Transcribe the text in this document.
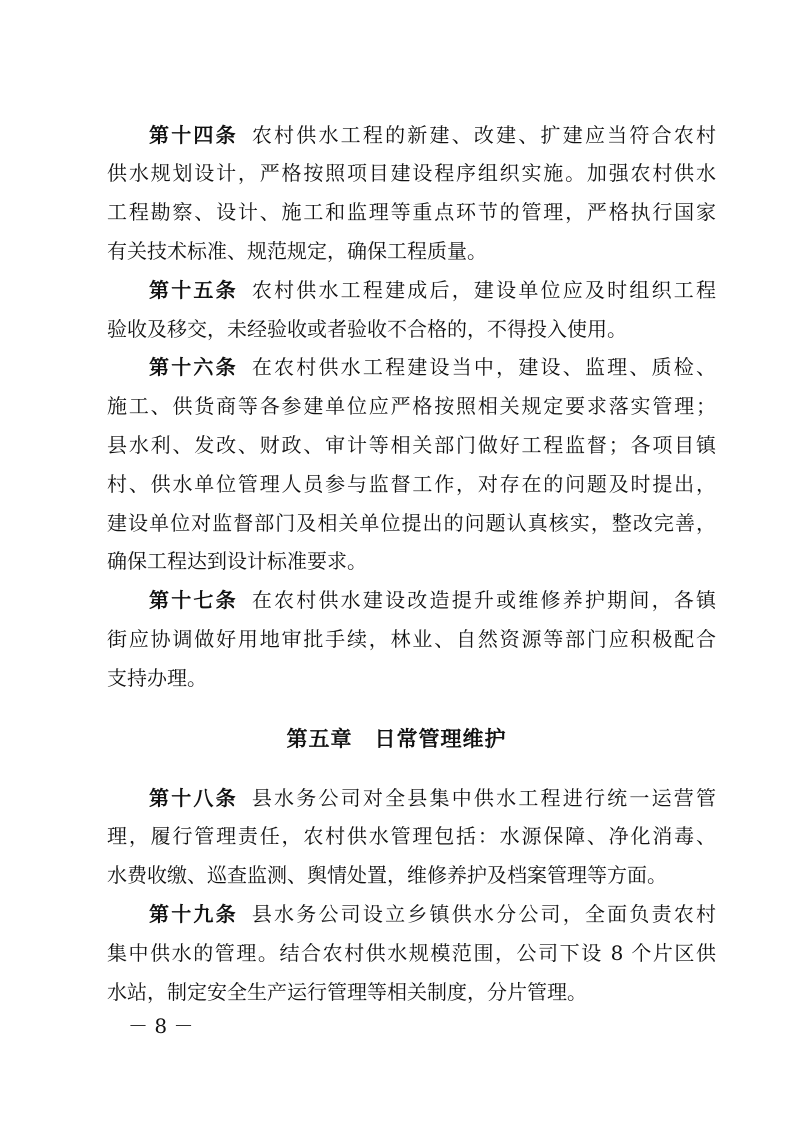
第十四条 农村供水工程的新建、改建、扩建应当符合农村
供水规划设计，严格按照项目建设程序组织实施。加强农村供水
工程勘察、设计、施工和监理等重点环节的管理，严格执行国家
有关技术标准、规范规定，确保工程质量。
第十五条 农村供水工程建成后，建设单位应及时组织工程
验收及移交，未经验收或者验收不合格的，不得投入使用。
第十六条 在农村供水工程建设当中，建设、监理、质检、
施工、供货商等各参建单位应严格按照相关规定要求落实管理；
县水利、发改、财政、审计等相关部门做好工程监督；各项目镇
村、供水单位管理人员参与监督工作，对存在的问题及时提出，
建设单位对监督部门及相关单位提出的问题认真核实，整改完善，
确保工程达到设计标准要求。
第十七条 在农村供水建设改造提升或维修养护期间，各镇
街应协调做好用地审批手续，林业、自然资源等部门应积极配合
支持办理。
第五章　日常管理维护
第十八条 县水务公司对全县集中供水工程进行统一运营管
理，履行管理责任，农村供水管理包括：水源保障、净化消毒、
水费收缴、巡查监测、舆情处置，维修养护及档案管理等方面。
第十九条 县水务公司设立乡镇供水分公司，全面负责农村
集中供水的管理。结合农村供水规模范围，公司下设 8 个片区供
水站，制定安全生产运行管理等相关制度，分片管理。
－ 8 －
